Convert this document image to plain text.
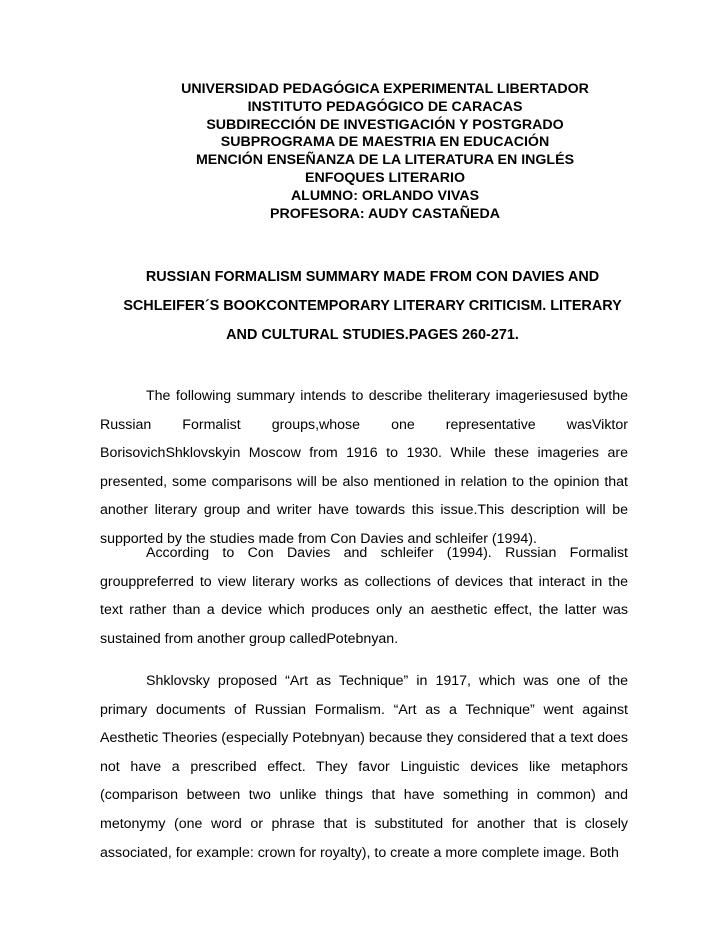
UNIVERSIDAD PEDAGÓGICA EXPERIMENTAL LIBERTADOR
INSTITUTO PEDAGÓGICO DE CARACAS
SUBDIRECCIÓN DE INVESTIGACIÓN Y POSTGRADO
SUBPROGRAMA DE MAESTRIA EN EDUCACIÓN
MENCIÓN ENSEÑANZA DE LA LITERATURA EN INGLÉS
ENFOQUES LITERARIO
ALUMNO: ORLANDO VIVAS
PROFESORA: AUDY CASTAÑEDA
RUSSIAN FORMALISM SUMMARY MADE FROM CON DAVIES AND
SCHLEIFER´S BOOKCONTEMPORARY LITERARY CRITICISM. LITERARY
AND CULTURAL STUDIES.PAGES 260-271.

The following summary intends to describe theliterary imageriesused bythe Russian Formalist groups,whose one representative wasViktor BorisovichShklovskyin Moscow from 1916 to 1930. While these imageries are presented, some comparisons will be also mentioned in relation to the opinion that another literary group and writer have towards this issue.This description will be supported by the studies made from Con Davies and schleifer (1994).

According to Con Davies and schleifer (1994). Russian Formalist grouppreferred to view literary works as collections of devices that interact in the text rather than a device which produces only an aesthetic effect, the latter was sustained from another group calledPotebnyan.

Shklovsky proposed “Art as Technique” in 1917, which was one of the primary documents of Russian Formalism. “Art as a Technique” went against Aesthetic Theories (especially Potebnyan) because they considered that a text does not have a prescribed effect. They favor Linguistic devices like metaphors (comparison between two unlike things that have something in common) and metonymy (one word or phrase that is substituted for another that is closely associated, for example: crown for royalty), to create a more complete image. Both
